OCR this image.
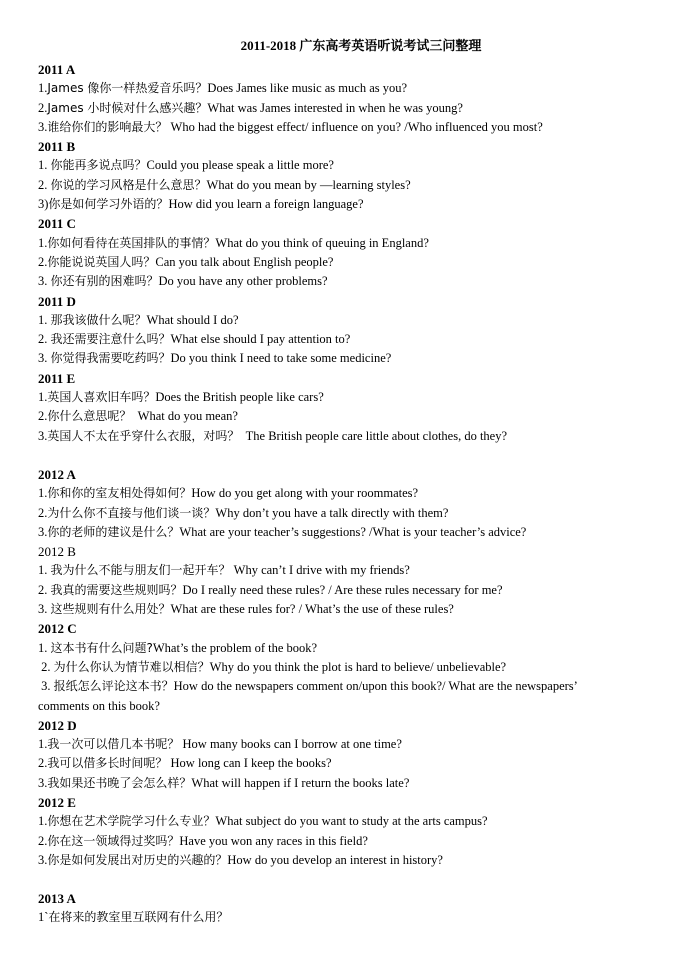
2011-2018 广东高考英语听说考试三问整理
2011 A
1.James 像你一样热爱音乐吗？Does James like music as much as you?
2.James 小时候对什么感兴趣？What was James interested in when he was young?
3.谁给你们的影响最大？ Who had the biggest effect/ influence on you? /Who influenced you most?
2011 B
1. 你能再多说点吗？Could you please speak a little more?
2. 你说的学习风格是什么意思？What do you mean by —learning styles?
3)你是如何学习外语的？How did you learn a foreign language?
2011 C
1.你如何看待在英国排队的事情？What do you think of queuing in England?
2.你能说说英国人吗？Can you talk about English people?
3. 你还有别的困难吗？Do you have any other problems?
2011 D
1. 那我该做什么呢？What should I do?
2. 我还需要注意什么吗？What else should I pay attention to?
3. 你觉得我需要吃药吗？Do you think I need to take some medicine?
2011 E
1.英国人喜欢旧车吗？Does the British people like cars?
2.你什么意思呢？  What do you mean?
3.英国人不太在乎穿什么衣服，对吗？  The British people care little about clothes, do they?
2012 A
1.你和你的室友相处得如何？How do you get along with your roommates?
2.为什么你不直接与他们谈一谈？Why don’t you have a talk directly with them?
3.你的老师的建议是什么？What are your teacher’s suggestions? /What is your teacher’s advice?
2012 B
1. 我为什么不能与朋友们一起开车？ Why can’t I drive with my friends?
2. 我真的需要这些规则吗？Do I really need these rules? / Are these rules necessary for me?
3. 这些规则有什么用处？What are these rules for? / What’s the use of these rules?
2012 C
1. 这本书有什么问题?What’s the problem of the book?
2. 为什么你认为情节难以相信？Why do you think the plot is hard to believe/ unbelievable?
3. 报纸怎么评论这本书？How do the newspapers comment on/upon this book?/ What are the newspapers’
comments on this book?
2012 D
1.我一次可以借几本书呢？ How many books can I borrow at one time?
2.我可以借多长时间呢？ How long can I keep the books?
3.我如果还书晚了会怎么样？What will happen if I return the books late?
2012 E
1.你想在艺术学院学习什么专业？What subject do you want to study at the arts campus?
2.你在这一领域得过奖吗？Have you won any races in this field?
3.你是如何发展出对历史的兴趣的？How do you develop an interest in history?
2013 A
1`在将来的教室里互联网有什么用？
